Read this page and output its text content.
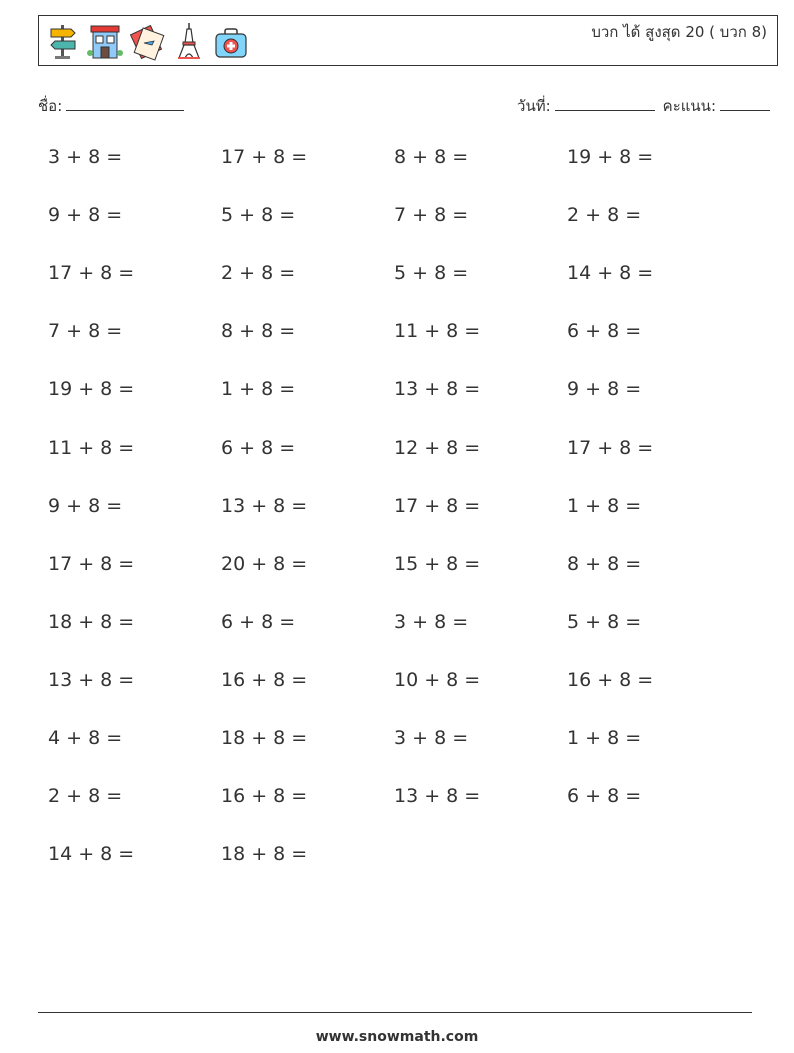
บวก ได้ สูงสุด 20 ( บวก 8)
ชื่อ:	วันที่:	คะแนน:
3 + 8 =	17 + 8 =	8 + 8 =	19 + 8 =
9 + 8 =	5 + 8 =	7 + 8 =	2 + 8 =
17 + 8 =	2 + 8 =	5 + 8 =	14 + 8 =
7 + 8 =	8 + 8 =	11 + 8 =	6 + 8 =
19 + 8 =	1 + 8 =	13 + 8 =	9 + 8 =
11 + 8 =	6 + 8 =	12 + 8 =	17 + 8 =
9 + 8 =	13 + 8 =	17 + 8 =	1 + 8 =
17 + 8 =	20 + 8 =	15 + 8 =	8 + 8 =
18 + 8 =	6 + 8 =	3 + 8 =	5 + 8 =
13 + 8 =	16 + 8 =	10 + 8 =	16 + 8 =
4 + 8 =	18 + 8 =	3 + 8 =	1 + 8 =
2 + 8 =	16 + 8 =	13 + 8 =	6 + 8 =
14 + 8 =	18 + 8 =
www.snowmath.com
